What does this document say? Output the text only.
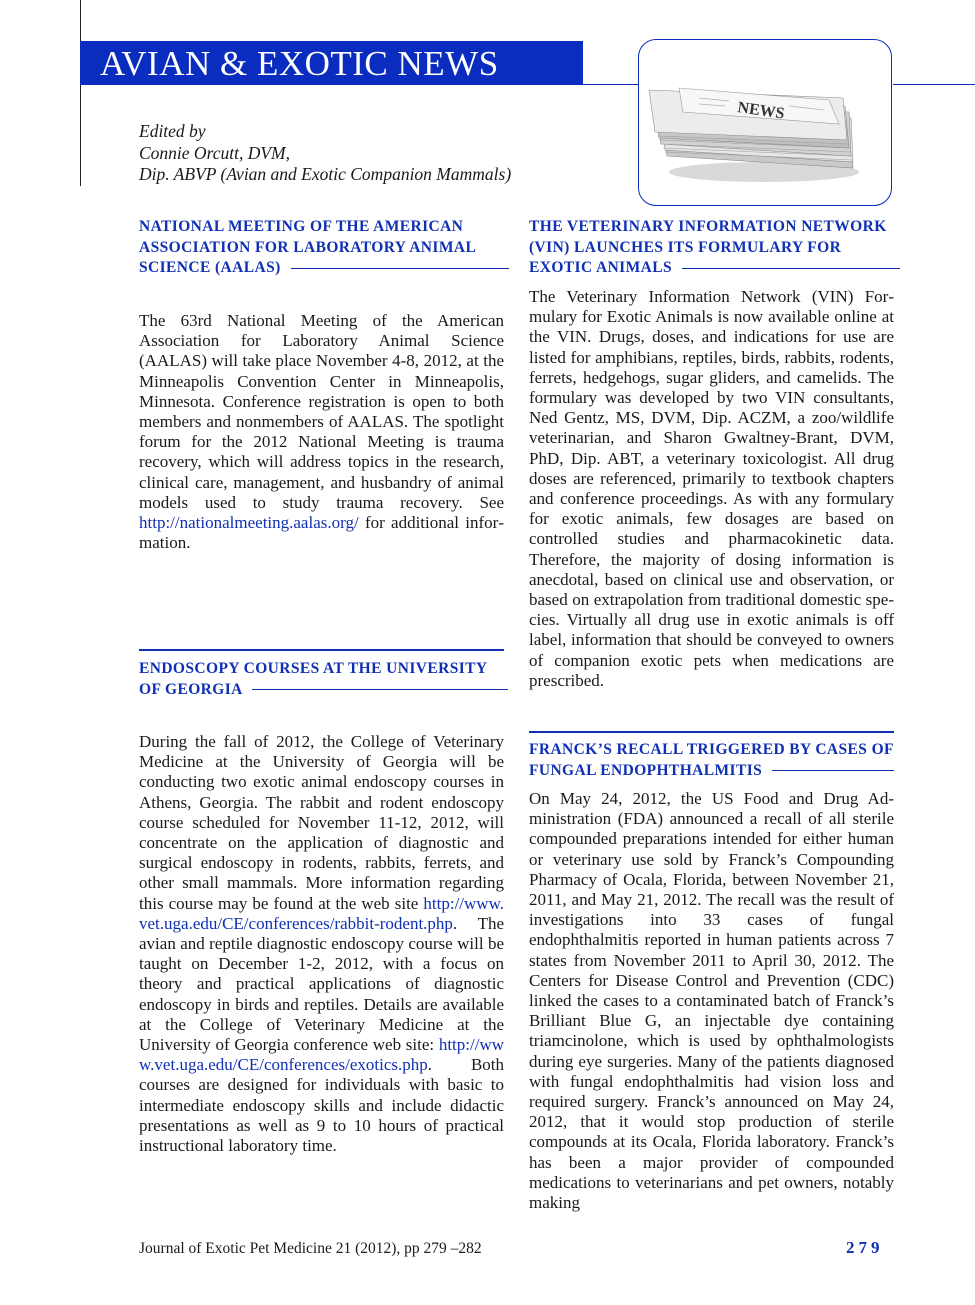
AVIAN & EXOTIC NEWS
NEWS
Edited by
Connie Orcutt, DVM,
Dip. ABVP (Avian and Exotic Companion Mammals)
NATIONAL MEETING OF THE AMERICAN
ASSOCIATION FOR LABORATORY ANIMAL
SCIENCE (AALAS)
The 63rd National Meeting of the American Association for Laboratory Animal Science (AALAS) will take place November 4-8, 2012, at the Minneapolis Convention Center in Minneapolis, Minnesota. Conference registration is open to both members and nonmembers of AALAS. The spotlight forum for the 2012 National Meeting is trauma recovery, which will address topics in the research, clinical care, management, and husbandry of animal models used to study trauma recovery. See http://nationalmeeting.aalas.org/ for additional information.
ENDOSCOPY COURSES AT THE UNIVERSITY
OF GEORGIA
During the fall of 2012, the College of Veterinary Medicine at the University of Georgia will be conducting two exotic animal endoscopy courses in Athens, Georgia. The rabbit and rodent endoscopy course scheduled for November 11-12, 2012, will concentrate on the application of diagnostic and surgical endoscopy in rodents, rabbits, ferrets, and other small mammals. More information regarding this course may be found at the web site http://www.vet.uga.edu/CE/conferences/rabbit-rodent.php. The avian and reptile diagnostic endoscopy course will be taught on December 1-2, 2012, with a focus on theory and practical applications of diagnostic endoscopy in birds and reptiles. Details are available at the College of Veterinary Medicine at the University of Georgia conference web site: http://www.vet.uga.edu/CE/conferences/exotics.php. Both courses are designed for individuals with basic to intermediate endoscopy skills and include didactic presentations as well as 9 to 10 hours of practical instructional laboratory time.
THE VETERINARY INFORMATION NETWORK
(VIN) LAUNCHES ITS FORMULARY FOR
EXOTIC ANIMALS
The Veterinary Information Network (VIN) Formulary for Exotic Animals is now available online at the VIN. Drugs, doses, and indications for use are listed for amphibians, reptiles, birds, rabbits, rodents, ferrets, hedgehogs, sugar gliders, and camelids. The formulary was developed by two VIN consultants, Ned Gentz, MS, DVM, Dip. ACZM, a zoo/wildlife veterinarian, and Sharon Gwaltney-Brant, DVM, PhD, Dip. ABT, a veterinary toxicologist. All drug doses are referenced, primarily to textbook chapters and conference proceedings. As with any formulary for exotic animals, few dosages are based on controlled studies and pharmacokinetic data. Therefore, the majority of dosing information is anecdotal, based on clinical use and observation, or based on extrapolation from traditional domestic species. Virtually all drug use in exotic animals is off label, information that should be conveyed to owners of companion exotic pets when medications are prescribed.
FRANCK’S RECALL TRIGGERED BY CASES OF
FUNGAL ENDOPHTHALMITIS
On May 24, 2012, the US Food and Drug Administration (FDA) announced a recall of all sterile compounded preparations intended for either human or veterinary use sold by Franck’s Compounding Pharmacy of Ocala, Florida, between November 21, 2011, and May 21, 2012. The recall was the result of investigations into 33 cases of fungal endophthalmitis reported in human patients across 7 states from November 2011 to April 30, 2012. The Centers for Disease Control and Prevention (CDC) linked the cases to a contaminated batch of Franck’s Brilliant Blue G, an injectable dye containing triamcinolone, which is used by ophthalmologists during eye surgeries. Many of the patients diagnosed with fungal endophthalmitis had vision loss and required surgery. Franck’s announced on May 24, 2012, that it would stop production of sterile compounds at its Ocala, Florida laboratory. Franck’s has been a major provider of compounded medications to veterinarians and pet owners, notably making
Journal of Exotic Pet Medicine 21 (2012), pp 279 –282	279
